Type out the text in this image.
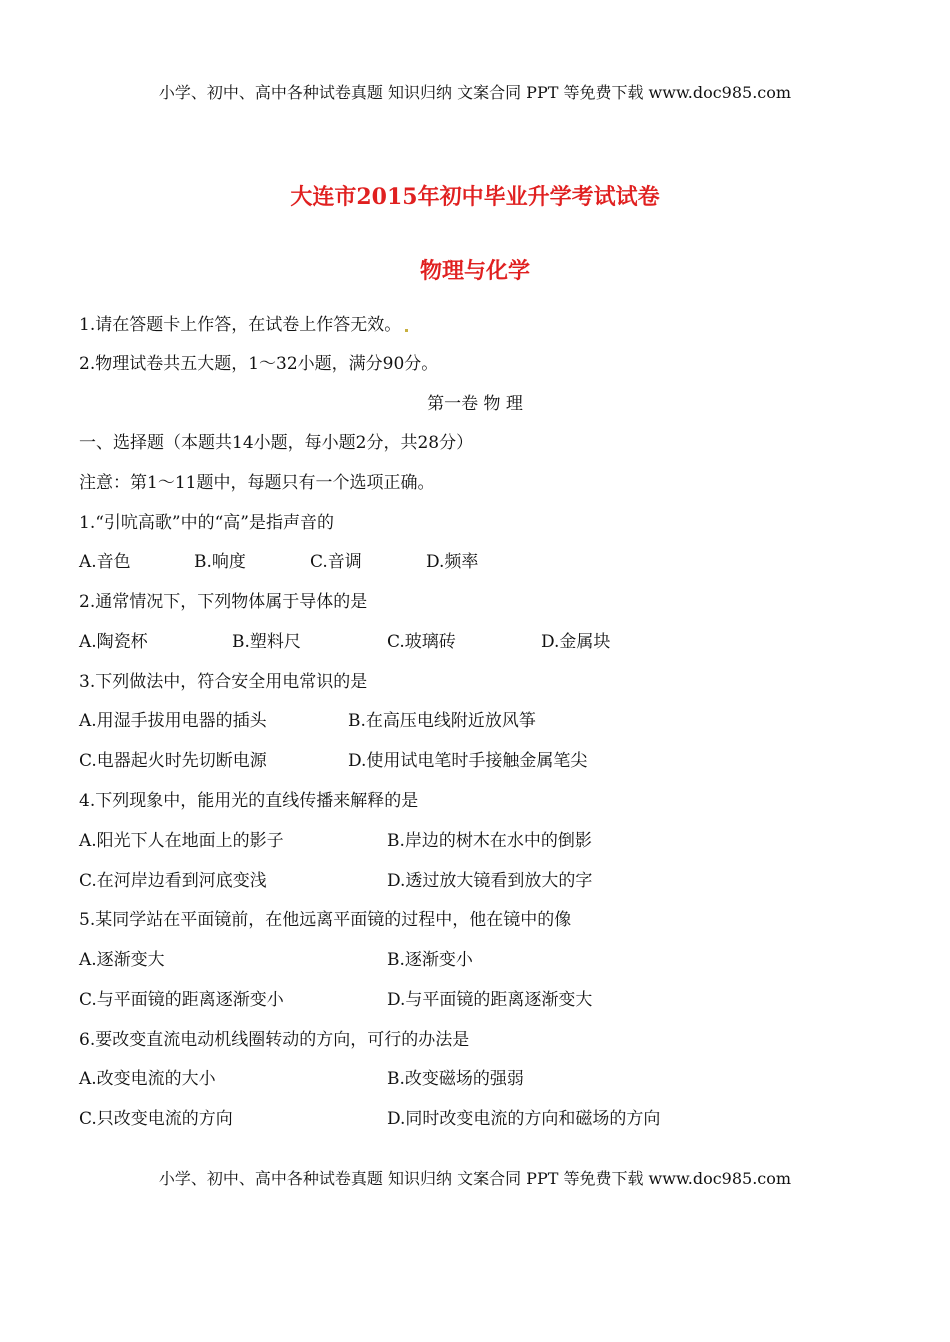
小学、初中、高中各种试卷真题 知识归纳 文案合同 PPT 等免费下载 www.doc985.com
大连市2015年初中毕业升学考试试卷
物理与化学
1.请在答题卡上作答，在试卷上作答无效。
2.物理试卷共五大题，1～32小题，满分90分。
第一卷 物 理
一、选择题（本题共14小题，每小题2分，共28分）
注意：第1～11题中，每题只有一个选项正确。
1.“引吭高歌”中的“高”是指声音的
A.音色	B.响度	C.音调	D.频率
2.通常情况下，下列物体属于导体的是
A.陶瓷杯	B.塑料尺	C.玻璃砖	D.金属块
3.下列做法中，符合安全用电常识的是
A.用湿手拔用电器的插头	B.在高压电线附近放风筝
C.电器起火时先切断电源	D.使用试电笔时手接触金属笔尖
4.下列现象中，能用光的直线传播来解释的是
A.阳光下人在地面上的影子	B.岸边的树木在水中的倒影
C.在河岸边看到河底变浅	D.透过放大镜看到放大的字
5.某同学站在平面镜前，在他远离平面镜的过程中，他在镜中的像
A.逐渐变大	B.逐渐变小
C.与平面镜的距离逐渐变小	D.与平面镜的距离逐渐变大
6.要改变直流电动机线圈转动的方向，可行的办法是
A.改变电流的大小	B.改变磁场的强弱
C.只改变电流的方向	D.同时改变电流的方向和磁场的方向
小学、初中、高中各种试卷真题 知识归纳 文案合同 PPT 等免费下载 www.doc985.com
